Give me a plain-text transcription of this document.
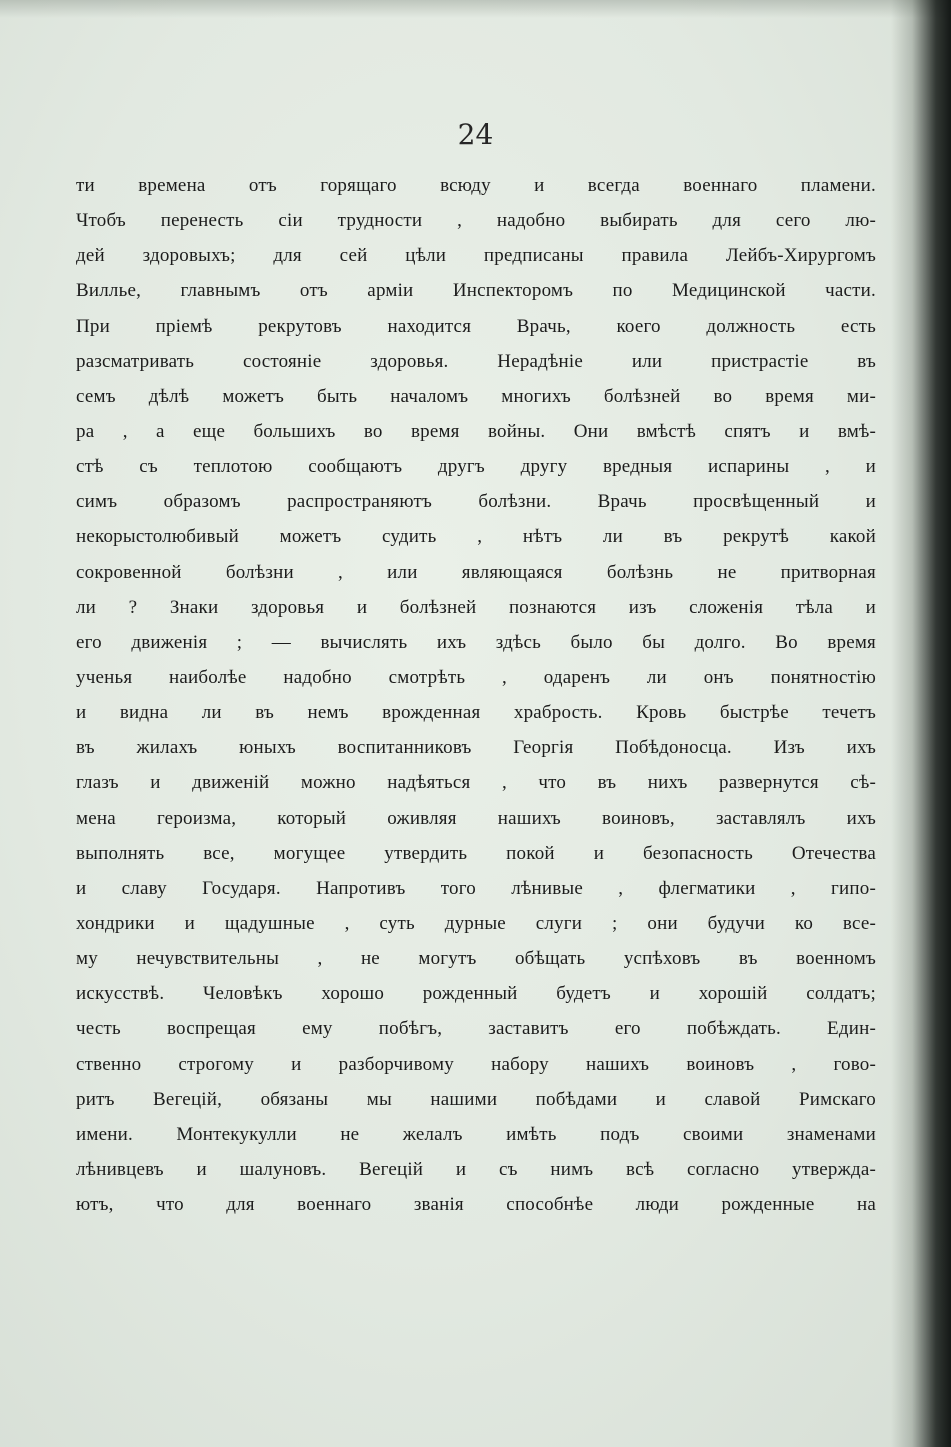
24

ти времена отъ горящаго всюду и всегда военнаго пламени.
Чтобъ перенесть сіи трудности , надобно выбирать для сего лю-
дей здоровыхъ; для сей цѣли предписаны правила Лейбъ-Хирургомъ
Виллье, главнымъ отъ арміи Инспекторомъ по Медицинской части.
При пріемѣ рекрутовъ находится Врачь, коего должность есть
разсматривать состояніе здоровья. Нерадѣніе или пристрастіе въ
семъ дѣлѣ можетъ быть началомъ многихъ болѣзней во время ми-
ра , а еще большихъ во время войны. Они вмѣстѣ спятъ и вмѣ-
стѣ съ теплотою сообщаютъ другъ другу вредныя испарины , и
симъ образомъ распространяютъ болѣзни. Врачь просвѣщенный и
некорыстолюбивый можетъ судить , нѣтъ ли въ рекрутѣ какой
сокровенной болѣзни , или являющаяся болѣзнь не притворная
ли ? Знаки здоровья и болѣзней познаются изъ сложенія тѣла и
его движенія ; — вычислять ихъ здѣсь было бы долго. Во время
ученья наиболѣе надобно смотрѣть , одаренъ ли онъ понятностію
и видна ли въ немъ врожденная храбрость. Кровь быстрѣе течетъ
въ жилахъ юныхъ воспитанниковъ Георгія Побѣдоносца. Изъ ихъ
глазъ и движеній можно надѣяться , что въ нихъ развернутся сѣ-
мена героизма, который оживляя нашихъ воиновъ, заставлялъ ихъ
выполнять все, могущее утвердить покой и безопасность Отечества
и славу Государя. Напротивъ того лѣнивые , флегматики , гипо-
хондрики и щадушные , суть дурные слуги ; они будучи ко все-
му нечувствительны , не могутъ обѣщать успѣховъ въ военномъ
искусствѣ. Человѣкъ хорошо рожденный будетъ и хорошій солдатъ;
честь воспрещая ему побѣгъ, заставитъ его побѣждать. Един-
ственно строгому и разборчивому набору нашихъ воиновъ , гово-
ритъ Вегецій, обязаны мы нашими побѣдами и славой Римскаго
имени. Монтекукулли не желалъ имѣть подъ своими знаменами
лѣнивцевъ и шалуновъ. Вегецій и съ нимъ всѣ согласно утвержда-
ютъ, что для военнаго званія способнѣе люди рожденные на
